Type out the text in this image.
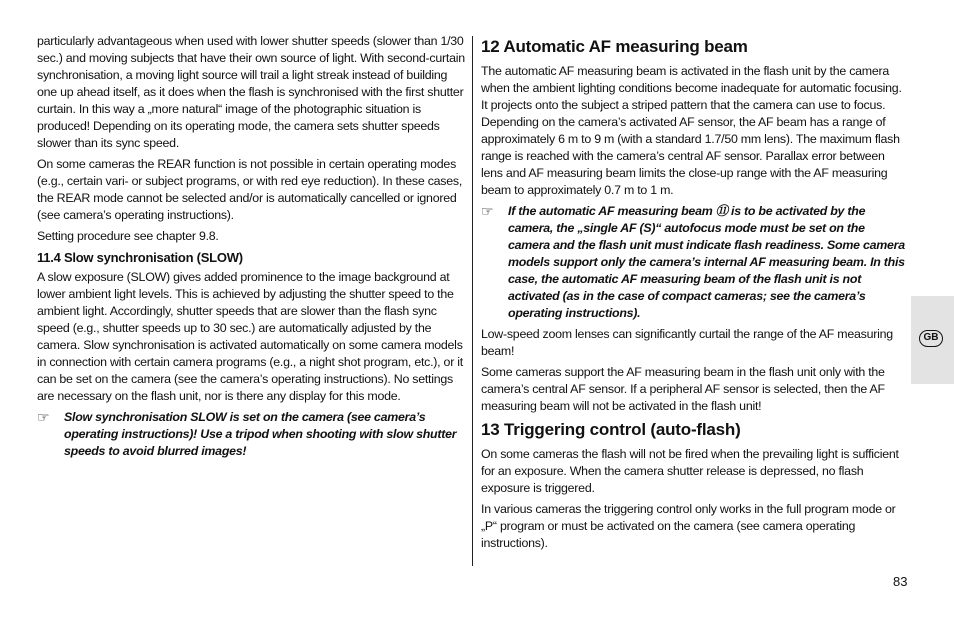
particularly advantageous when used with lower shutter speeds (slower than 1/30 sec.) and moving subjects that have their own source of light. With second-curtain synchronisation, a moving light source will trail a light streak instead of building one up ahead itself, as it does when the flash is synchronised with the first shutter curtain. In this way a „more natural“ image of the photographic situation is produced! Depending on its operating mode, the camera sets shutter speeds slower than its sync speed.

On some cameras the REAR function is not possible in certain operating modes (e.g., certain vari- or subject programs, or with red eye reduction). In these cases, the REAR mode cannot be selected and/or is automatically cancelled or ignored (see camera’s operating instructions).

Setting procedure see chapter 9.8.

11.4 Slow synchronisation (SLOW)

A slow exposure (SLOW) gives added prominence to the image background at lower ambient light levels. This is achieved by adjusting the shutter speed to the ambient light. Accordingly, shutter speeds that are slower than the flash sync speed (e.g., shutter speeds up to 30 sec.) are automatically adjusted by the camera. Slow synchronisation is activated automatically on some camera models in connection with certain camera programs (e.g., a night shot program, etc.), or it can be set on the camera (see the camera’s operating instructions). No settings are necessary on the flash unit, nor is there any display for this mode.

☞	Slow synchronisation SLOW is set on the camera (see camera’s operating instructions)! Use a tripod when shooting with slow shutter speeds to avoid blurred images!
12 Automatic AF measuring beam

The automatic AF measuring beam is activated in the flash unit by the camera when the ambient lighting conditions become inadequate for automatic focusing. It projects onto the subject a striped pattern that the camera can use to focus. Depending on the camera’s activated AF sensor, the AF beam has a range of approximately 6 m to 9 m (with a standard 1.7/50 mm lens). The maximum flash range is reached with the camera’s central AF sensor. Parallax error between lens and AF measuring beam limits the close-up range with the AF measuring beam to approximately 0.7 m to 1 m.

☞	If the automatic AF measuring beam ⑪ is to be activated by the camera, the „single AF (S)“ autofocus mode must be set on the camera and the flash unit must indicate flash readiness. Some camera models support only the camera’s internal AF measuring beam. In this case, the automatic AF measuring beam of the flash unit is not activated (as in the case of compact cameras; see the camera’s operating instructions).

Low-speed zoom lenses can significantly curtail the range of the AF measuring beam!

Some cameras support the AF measuring beam in the flash unit only with the camera’s central AF sensor. If a peripheral AF sensor is selected, then the AF measuring beam will not be activated in the flash unit!

13 Triggering control (auto-flash)

On some cameras the flash will not be fired when the prevailing light is sufficient for an exposure. When the camera shutter release is depressed, no flash exposure is triggered.

In various cameras the triggering control only works in the full program mode or „P“ program or must be activated on the camera (see camera operating instructions).

GB
83
